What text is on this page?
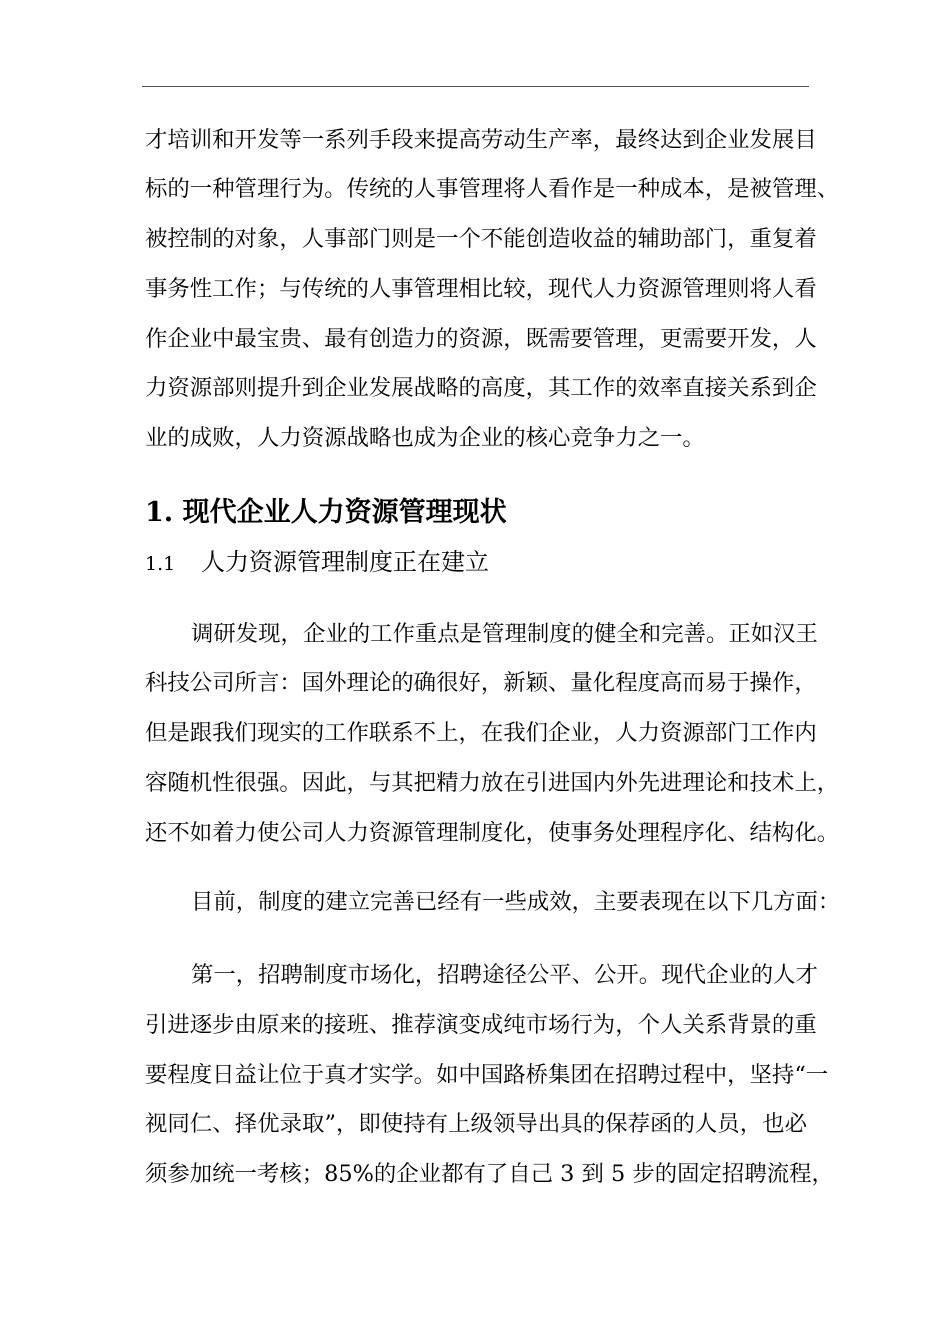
才培训和开发等一系列手段来提高劳动生产率，最终达到企业发展目
标的一种管理行为。传统的人事管理将人看作是一种成本，是被管理、
被控制的对象，人事部门则是一个不能创造收益的辅助部门，重复着
事务性工作；与传统的人事管理相比较，现代人力资源管理则将人看
作企业中最宝贵、最有创造力的资源，既需要管理，更需要开发，人
力资源部则提升到企业发展战略的高度，其工作的效率直接关系到企
业的成败，人力资源战略也成为企业的核心竞争力之一。
1. 现代企业人力资源管理现状
1.1 人力资源管理制度正在建立
调研发现，企业的工作重点是管理制度的健全和完善。正如汉王
科技公司所言：国外理论的确很好，新颖、量化程度高而易于操作，
但是跟我们现实的工作联系不上，在我们企业，人力资源部门工作内
容随机性很强。因此，与其把精力放在引进国内外先进理论和技术上，
还不如着力使公司人力资源管理制度化，使事务处理程序化、结构化。
目前，制度的建立完善已经有一些成效，主要表现在以下几方面：
第一，招聘制度市场化，招聘途径公平、公开。现代企业的人才
引进逐步由原来的接班、推荐演变成纯市场行为，个人关系背景的重
要程度日益让位于真才实学。如中国路桥集团在招聘过程中，坚持“一
视同仁、择优录取”，即使持有上级领导出具的保荐函的人员，也必
须参加统一考核；85%的企业都有了自己 3 到 5 步的固定招聘流程，
